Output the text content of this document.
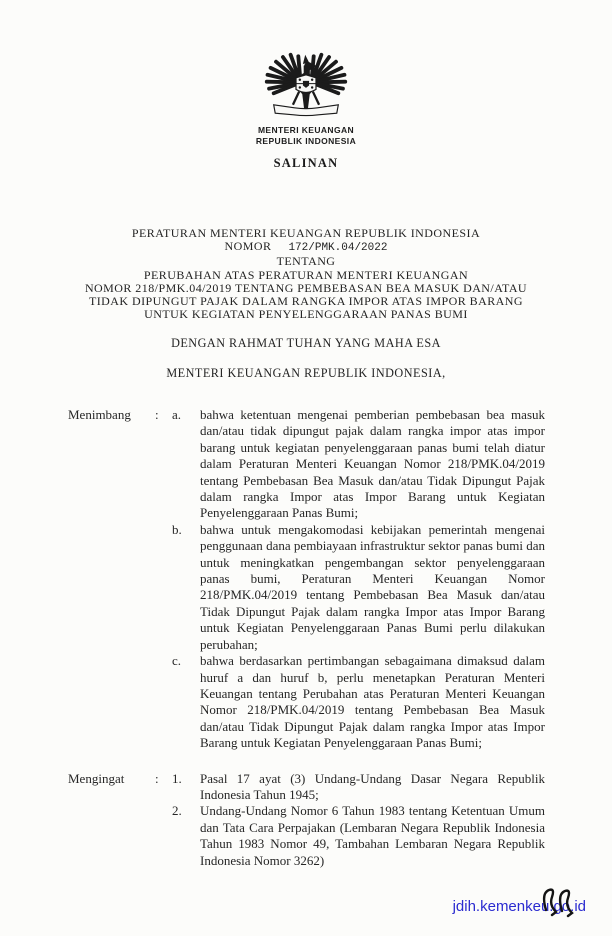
MENTERI KEUANGAN
REPUBLIK INDONESIA
SALINAN
PERATURAN MENTERI KEUANGAN REPUBLIK INDONESIA
NOMOR 172/PMK.04/2022
TENTANG
PERUBAHAN ATAS PERATURAN MENTERI KEUANGAN
NOMOR 218/PMK.04/2019 TENTANG PEMBEBASAN BEA MASUK DAN/ATAU
TIDAK DIPUNGUT PAJAK DALAM RANGKA IMPOR ATAS IMPOR BARANG
UNTUK KEGIATAN PENYELENGGARAAN PANAS BUMI
DENGAN RAHMAT TUHAN YANG MAHA ESA
MENTERI KEUANGAN REPUBLIK INDONESIA,
Menimbang	:	a.	bahwa ketentuan mengenai pemberian pembebasan bea masuk dan/atau tidak dipungut pajak dalam rangka impor atas impor barang untuk kegiatan penyelenggaraan panas bumi telah diatur dalam Peraturan Menteri Keuangan Nomor 218/PMK.04/2019 tentang Pembebasan Bea Masuk dan/atau Tidak Dipungut Pajak dalam rangka Impor atas Impor Barang untuk Kegiatan Penyelenggaraan Panas Bumi;
b.	bahwa untuk mengakomodasi kebijakan pemerintah mengenai penggunaan dana pembiayaan infrastruktur sektor panas bumi dan untuk meningkatkan pengembangan sektor penyelenggaraan panas bumi, Peraturan Menteri Keuangan Nomor 218/PMK.04/2019 tentang Pembebasan Bea Masuk dan/atau Tidak Dipungut Pajak dalam rangka Impor atas Impor Barang untuk Kegiatan Penyelenggaraan Panas Bumi perlu dilakukan perubahan;
c.	bahwa berdasarkan pertimbangan sebagaimana dimaksud dalam huruf a dan huruf b, perlu menetapkan Peraturan Menteri Keuangan tentang Perubahan atas Peraturan Menteri Keuangan Nomor 218/PMK.04/2019 tentang Pembebasan Bea Masuk dan/atau Tidak Dipungut Pajak dalam rangka Impor atas Impor Barang untuk Kegiatan Penyelenggaraan Panas Bumi;
Mengingat	:	1.	Pasal 17 ayat (3) Undang-Undang Dasar Negara Republik Indonesia Tahun 1945;
2.	Undang-Undang Nomor 6 Tahun 1983 tentang Ketentuan Umum dan Tata Cara Perpajakan (Lembaran Negara Republik Indonesia Tahun 1983 Nomor 49, Tambahan Lembaran Negara Republik Indonesia Nomor 3262)
jdih.kemenkeu.go.id
